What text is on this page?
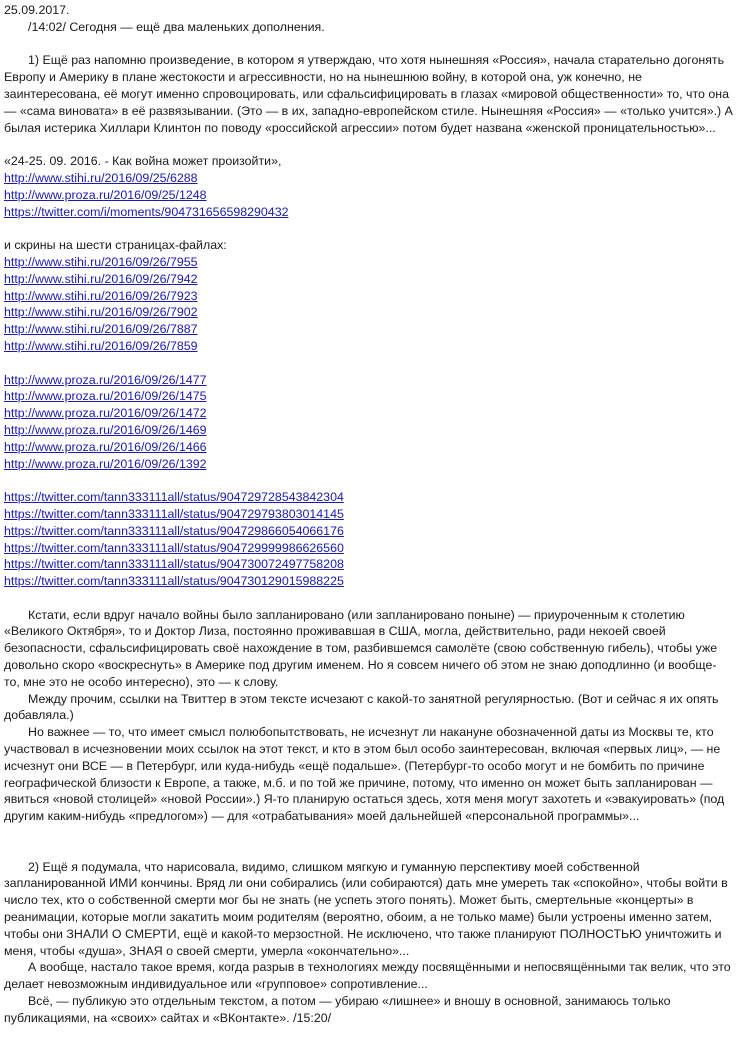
25.09.2017.
/14:02/ Сегодня — ещё два маленьких дополнения.
1) Ещё раз напомню произведение, в котором я утверждаю, что хотя нынешняя «Россия», начала старательно догонять
Европу и Америку в плане жестокости и агрессивности, но на нынешнюю войну, в которой она, уж конечно, не
заинтересована, её могут именно спровоцировать, или сфальсифицировать в глазах «мировой общественности» то, что она
— «сама виновата» в её развязывании. (Это — в их, западно-европейском стиле. Нынешняя «Россия» — «только учится».) А
былая истерика Хиллари Клинтон по поводу «российской агрессии» потом будет названа «женской проницательностью»...
«24-25. 09. 2016. - Как война может произойти»,
http://www.stihi.ru/2016/09/25/6288
http://www.proza.ru/2016/09/25/1248
https://twitter.com/i/moments/904731656598290432
и скрины на шести страницах-файлах:
http://www.stihi.ru/2016/09/26/7955
http://www.stihi.ru/2016/09/26/7942
http://www.stihi.ru/2016/09/26/7923
http://www.stihi.ru/2016/09/26/7902
http://www.stihi.ru/2016/09/26/7887
http://www.stihi.ru/2016/09/26/7859
http://www.proza.ru/2016/09/26/1477
http://www.proza.ru/2016/09/26/1475
http://www.proza.ru/2016/09/26/1472
http://www.proza.ru/2016/09/26/1469
http://www.proza.ru/2016/09/26/1466
http://www.proza.ru/2016/09/26/1392
https://twitter.com/tann333111all/status/904729728543842304
https://twitter.com/tann333111all/status/904729793803014145
https://twitter.com/tann333111all/status/904729866054066176
https://twitter.com/tann333111all/status/904729999986626560
https://twitter.com/tann333111all/status/904730072497758208
https://twitter.com/tann333111all/status/904730129015988225
Кстати, если вдруг начало войны было запланировано (или запланировано поныне) — приуроченным к столетию
«Великого Октября», то и Доктор Лиза, постоянно проживавшая в США, могла, действительно, ради некоей своей
безопасности, сфальсифицировать своё нахождение в том, разбившемся самолёте (свою собственную гибель), чтобы уже
довольно скоро «воскреснуть» в Америке под другим именем. Но я совсем ничего об этом не знаю доподлинно (и вообще-
то, мне это не особо интересно), это — к слову.
Между прочим, ссылки на Твиттер в этом тексте исчезают с какой-то занятной регулярностью. (Вот и сейчас я их опять
добавляла.)
Но важнее — то, что имеет смысл полюбопытствовать, не исчезнут ли накануне обозначенной даты из Москвы те, кто
участвовал в исчезновении моих ссылок на этот текст, и кто в этом был особо заинтересован, включая «первых лиц», — не
исчезнут они ВСЕ — в Петербург, или куда-нибудь «ещё подальше». (Петербург-то особо могут и не бомбить по причине
географической близости к Европе, а также, м.б. и по той же причине, потому, что именно он может быть запланирован —
явиться «новой столицей» «новой России».) Я-то планирую остаться здесь, хотя меня могут захотеть и «эвакуировать» (под
другим каким-нибудь «предлогом») — для «отрабатывания» моей дальнейшей «персональной программы»...
2) Ещё я подумала, что нарисовала, видимо, слишком мягкую и гуманную перспективу моей собственной
запланированной ИМИ кончины. Вряд ли они собирались (или собираются) дать мне умереть так «спокойно», чтобы войти в
число тех, кто о собственной смерти мог бы не знать (не успеть этого понять). Может быть, смертельные «концерты» в
реанимации, которые могли закатить моим родителям (вероятно, обоим, а не только маме) были устроены именно затем,
чтобы они ЗНАЛИ О СМЕРТИ, ещё и какой-то мерзостной. Не исключено, что также планируют ПОЛНОСТЬЮ уничтожить и
меня, чтобы «душа», ЗНАЯ о своей смерти, умерла «окончательно»...
А вообще, настало такое время, когда разрыв в технологиях между посвящёнными и непосвящёнными так велик, что это
делает невозможным индивидуальное или «групповое» сопротивление...
Всё, — публикую это отдельным текстом, а потом — убираю «лишнее» и вношу в основной, занимаюсь только
публикациями, на «своих» сайтах и «ВКонтакте». /15:20/
